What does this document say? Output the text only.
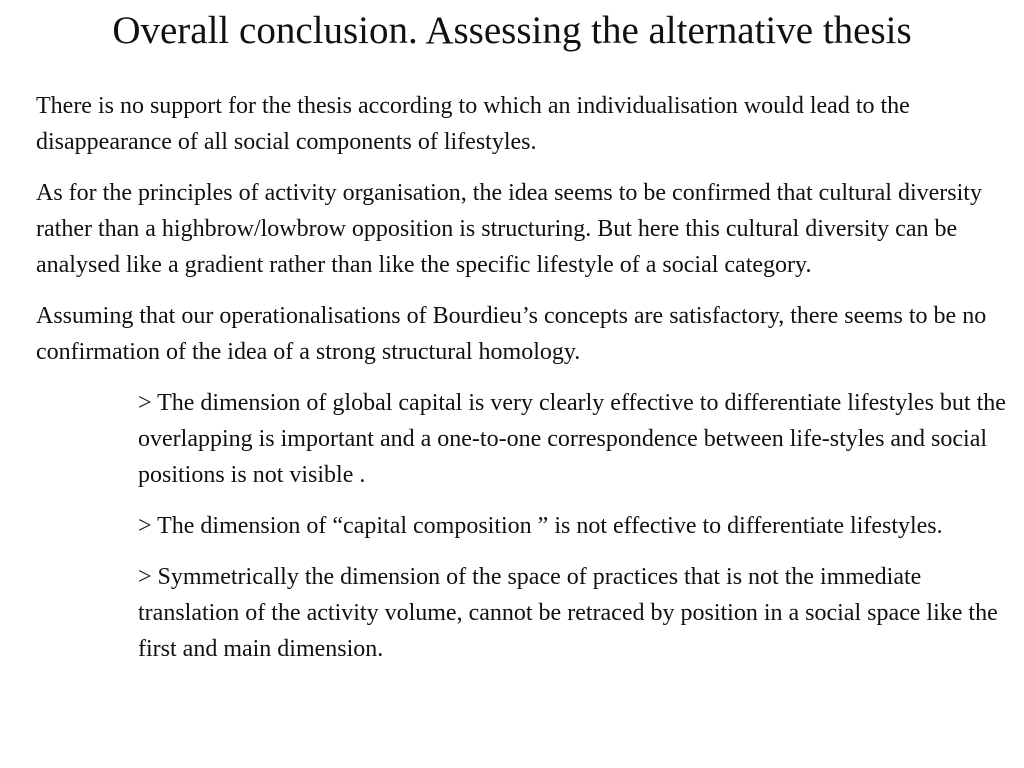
Overall conclusion. Assessing the alternative thesis

There is no support for the thesis according to which an individualisation would lead to the disappearance of all social components of lifestyles.

As for the principles of activity organisation, the idea seems to be confirmed that cultural diversity rather than a highbrow/lowbrow opposition is structuring. But here this cultural diversity can be analysed like a gradient rather than like the specific lifestyle of a social category.

Assuming that our operationalisations of Bourdieu’s concepts are satisfactory, there seems to be no confirmation of the idea of a strong structural homology.

> The dimension of global capital is very clearly effective to differentiate lifestyles but the overlapping is important and a one-to-one correspondence between life-styles and social positions is not visible .

> The dimension of “capital composition ” is not effective to differentiate lifestyles.

> Symmetrically the dimension of the space of practices that is not the immediate translation of the activity volume, cannot be retraced by position in a social space like the first and main dimension.
